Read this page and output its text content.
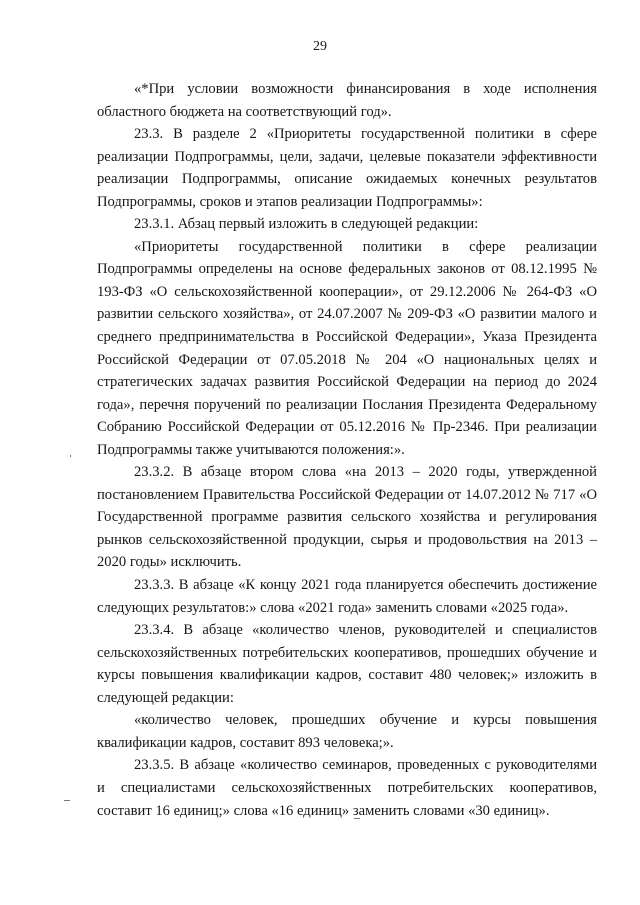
29

«*При условии возможности финансирования в ходе исполнения областного бюджета на соответствующий год».

23.3. В разделе 2 «Приоритеты государственной политики в сфере реализации Подпрограммы, цели, задачи, целевые показатели эффективности реализации Подпрограммы, описание ожидаемых конечных результатов Подпрограммы, сроков и этапов реализации Подпрограммы»:

23.3.1. Абзац первый изложить в следующей редакции:

«Приоритеты государственной политики в сфере реализации Подпрограммы определены на основе федеральных законов от 08.12.1995 № 193-ФЗ «О сельскохозяйственной кооперации», от 29.12.2006 № 264-ФЗ «О развитии сельского хозяйства», от 24.07.2007 № 209-ФЗ «О развитии малого и среднего предпринимательства в Российской Федерации», Указа Президента Российской Федерации от 07.05.2018 № 204 «О национальных целях и стратегических задачах развития Российской Федерации на период до 2024 года», перечня поручений по реализации Послания Президента Федеральному Собранию Российской Федерации от 05.12.2016 № Пр-2346. При реализации Подпрограммы также учитываются положения:».

23.3.2. В абзаце втором слова «на 2013 – 2020 годы, утвержденной постановлением Правительства Российской Федерации от 14.07.2012 № 717 «О Государственной программе развития сельского хозяйства и регулирования рынков сельскохозяйственной продукции, сырья и продовольствия на 2013 – 2020 годы» исключить.

23.3.3. В абзаце «К концу 2021 года планируется обеспечить достижение следующих результатов:» слова «2021 года» заменить словами «2025 года».

23.3.4. В абзаце «количество членов, руководителей и специалистов сельскохозяйственных потребительских кооперативов, прошедших обучение и курсы повышения квалификации кадров, составит 480 человек;» изложить в следующей редакции:

«количество человек, прошедших обучение и курсы повышения квалификации кадров, составит 893 человека;».

23.3.5. В абзаце «количество семинаров, проведенных с руководителями и специалистами сельскохозяйственных потребительских кооперативов, составит 16 единиц;» слова «16 единиц» заменить словами «30 единиц».
